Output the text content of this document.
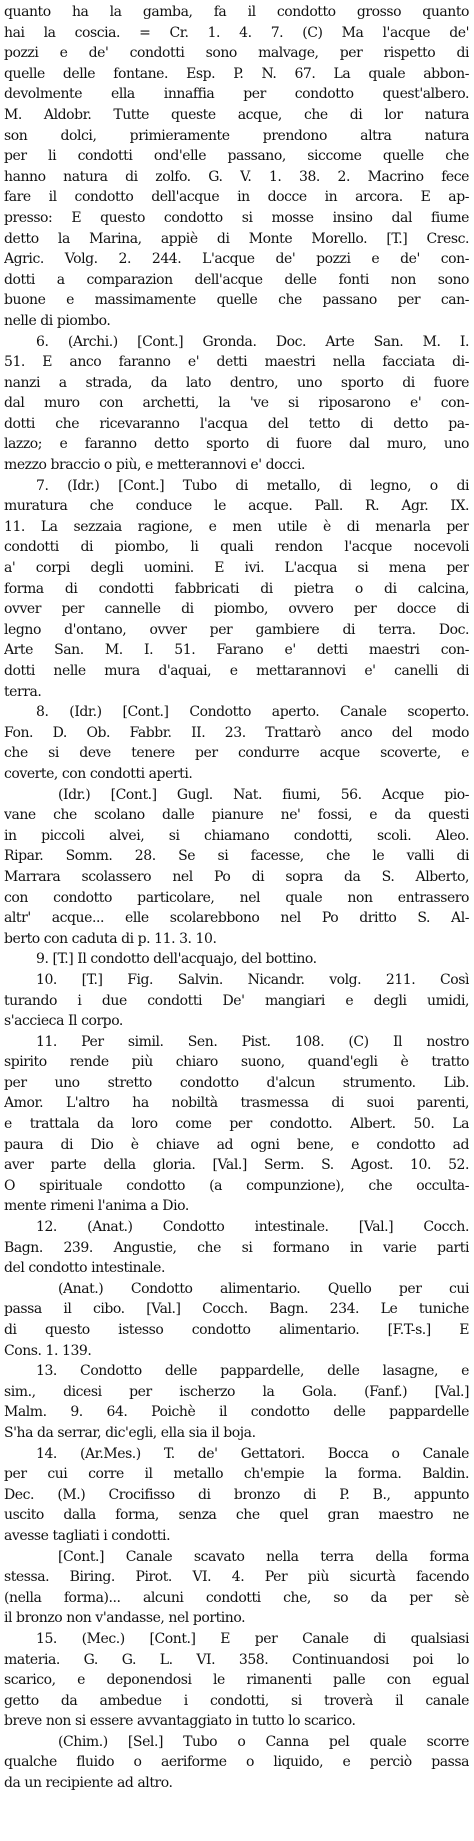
quanto ha la gamba, fa il condotto grosso quanto
hai la coscia. = Cr. 1. 4. 7. (C) Ma l'acque de'
pozzi e de' condotti sono malvage, per rispetto di
quelle delle fontane. Esp. P. N. 67. La quale abbon-
devolmente ella innaffia per condotto quest'albero.
M. Aldobr. Tutte queste acque, che di lor natura
son dolci, primieramente prendono altra natura
per li condotti ond'elle passano, siccome quelle che
hanno natura di zolfo. G. V. 1. 38. 2. Macrino fece
fare il condotto dell'acque in docce in arcora. E ap-
presso: E questo condotto si mosse insino dal fiume
detto la Marina, appiè di Monte Morello. [T.] Cresc.
Agric. Volg. 2. 244. L'acque de' pozzi e de' con-
dotti a comparazion dell'acque delle fonti non sono
buone e massimamente quelle che passano per can-
nelle di piombo.
6. (Archi.) [Cont.] Gronda. Doc. Arte San. M. I.
51. E anco faranno e' detti maestri nella facciata di-
nanzi a strada, da lato dentro, uno sporto di fuore
dal muro con archetti, la 've si riposarono e' con-
dotti che ricevaranno l'acqua del tetto di detto pa-
lazzo; e faranno detto sporto di fuore dal muro, uno
mezzo braccio o più, e metterannovi e' docci.
7. (Idr.) [Cont.] Tubo di metallo, di legno, o di
muratura che conduce le acque. Pall. R. Agr. IX.
11. La sezzaia ragione, e men utile è di menarla per
condotti di piombo, li quali rendon l'acque nocevoli
a' corpi degli uomini. E ivi. L'acqua si mena per
forma di condotti fabbricati di pietra o di calcina,
ovver per cannelle di piombo, ovvero per docce di
legno d'ontano, ovver per gambiere di terra. Doc.
Arte San. M. I. 51. Farano e' detti maestri con-
dotti nelle mura d'aquai, e mettarannovi e' canelli di
terra.
8. (Idr.) [Cont.] Condotto aperto. Canale scoperto.
Fon. D. Ob. Fabbr. II. 23. Trattarò anco del modo
che si deve tenere per condurre acque scoverte, e
coverte, con condotti aperti.
(Idr.) [Cont.] Gugl. Nat. fiumi, 56. Acque pio-
vane che scolano dalle pianure ne' fossi, e da questi
in piccoli alvei, si chiamano condotti, scoli. Aleo.
Ripar. Somm. 28. Se si facesse, che le valli di
Marrara scolassero nel Po di sopra da S. Alberto,
con condotto particolare, nel quale non entrassero
altr' acque... elle scolarebbono nel Po dritto S. Al-
berto con caduta di p. 11. 3. 10.
9. [T.] Il condotto dell'acquajo, del bottino.
10. [T.] Fig. Salvin. Nicandr. volg. 211. Così
turando i due condotti De' mangiari e degli umidi,
s'acciecа Il corpo.
11. Per simil. Sen. Pist. 108. (C) Il nostro
spirito rende più chiaro suono, quand'egli è tratto
per uno stretto condotto d'alcun strumento. Lib.
Amor. L'altro ha nobiltà trasmessa di suoi parenti,
e trattala da loro come per condotto. Albert. 50. La
paura di Dio è chiave ad ogni bene, e condotto ad
aver parte della gloria. [Val.] Serm. S. Agost. 10. 52.
O spirituale condotto (a compunzione), che occulta-
mente rimeni l'anima a Dio.
12. (Anat.) Condotto intestinale. [Val.] Cocch.
Bagn. 239. Angustie, che si formano in varie parti
del condotto intestinale.
(Anat.) Condotto alimentario. Quello per cui
passa il cibo. [Val.] Cocch. Bagn. 234. Le tuniche
di questo istesso condotto alimentario. [F.T-s.] E
Cons. 1. 139.
13. Condotto delle pappardelle, delle lasagne, e
sim., dicesi per ischerzo la Gola. (Fanf.) [Val.]
Malm. 9. 64. Poichè il condotto delle pappardelle
S'ha da serrar, dic'egli, ella sia il boja.
14. (Ar.Mes.) T. de' Gettatori. Bocca o Canale
per cui corre il metallo ch'empie la forma. Baldin.
Dec. (M.) Crocifisso di bronzo di P. B., appunto
uscito dalla forma, senza che quel gran maestro ne
avesse tagliati i condotti.
[Cont.] Canale scavato nella terra della forma
stessa. Biring. Pirot. VI. 4. Per più sicurtà facendo
(nella forma)... alcuni condotti che, so da per sè
il bronzo non v'andasse, nel portino.
15. (Mec.) [Cont.] E per Canale di qualsiasi
materia. G. G. L. VI. 358. Continuandosi poi lo
scarico, e deponendosi le rimanenti palle con egual
getto da ambedue i condotti, si troverà il canale
breve non si essere avvantaggiato in tutto lo scarico.
(Chim.) [Sel.] Tubo o Canna pel quale scorre
qualche fluido o aeriforme o liquido, e perciò passa
da un recipiente ad altro.
